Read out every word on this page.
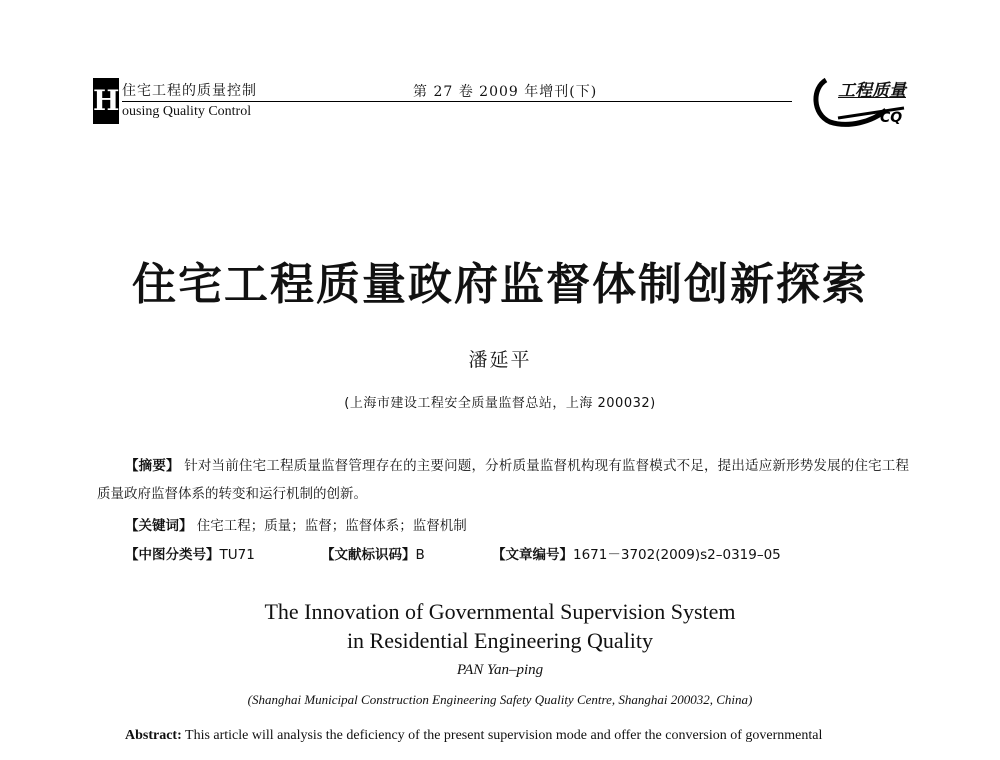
H 住宅工程的质量控制
ousing Quality Control
第 27 卷 2009 年增刊(下)
CQ
工程质量
住宅工程质量政府监督体制创新探索
潘延平
(上海市建设工程安全质量监督总站，上海 200032)
【摘要】 针对当前住宅工程质量监督管理存在的主要问题，分析质量监督机构现有监督模式不足，提出适应新形势发展的住宅工程质量政府监督体系的转变和运行机制的创新。
【关键词】 住宅工程；质量；监督；监督体系；监督机制
【中图分类号】TU71	【文献标识码】B	【文章编号】1671－3702(2009)s2–0319–05
The Innovation of Governmental Supervision System
in Residential Engineering Quality
PAN Yan–ping
(Shanghai Municipal Construction Engineering Safety Quality Centre, Shanghai 200032, China)
Abstract: This article will analysis the deficiency of the present supervision mode and offer the conversion of governmental
